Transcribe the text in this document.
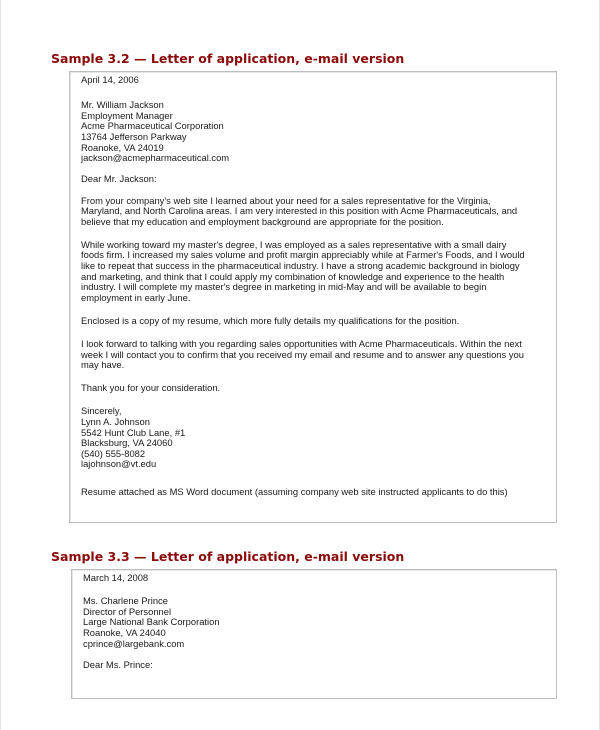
Sample 3.2 — Letter of application, e-mail version
April 14, 2006
Mr. William Jackson
Employment Manager
Acme Pharmaceutical Corporation
13764 Jefferson Parkway
Roanoke, VA 24019
jackson@acmepharmaceutical.com
Dear Mr. Jackson:
From your company's web site I learned about your need for a sales representative for the Virginia,
Maryland, and North Carolina areas. I am very interested in this position with Acme Pharmaceuticals, and
believe that my education and employment background are appropriate for the position.
While working toward my master's degree, I was employed as a sales representative with a small dairy
foods firm. I increased my sales volume and profit margin appreciably while at Farmer's Foods, and I would
like to repeat that success in the pharmaceutical industry. I have a strong academic background in biology
and marketing, and think that I could apply my combination of knowledge and experience to the health
industry. I will complete my master's degree in marketing in mid-May and will be available to begin
employment in early June.
Enclosed is a copy of my resume, which more fully details my qualifications for the position.
I look forward to talking with you regarding sales opportunities with Acme Pharmaceuticals. Within the next
week I will contact you to confirm that you received my email and resume and to answer any questions you
may have.
Thank you for your consideration.
Sincerely,
Lynn A. Johnson
5542 Hunt Club Lane, #1
Blacksburg, VA 24060
(540) 555-8082
lajohnson@vt.edu
Resume attached as MS Word document (assuming company web site instructed applicants to do this)
Sample 3.3 — Letter of application, e-mail version
March 14, 2008
Ms. Charlene Prince
Director of Personnel
Large National Bank Corporation
Roanoke, VA 24040
cprince@largebank.com
Dear Ms. Prince:
